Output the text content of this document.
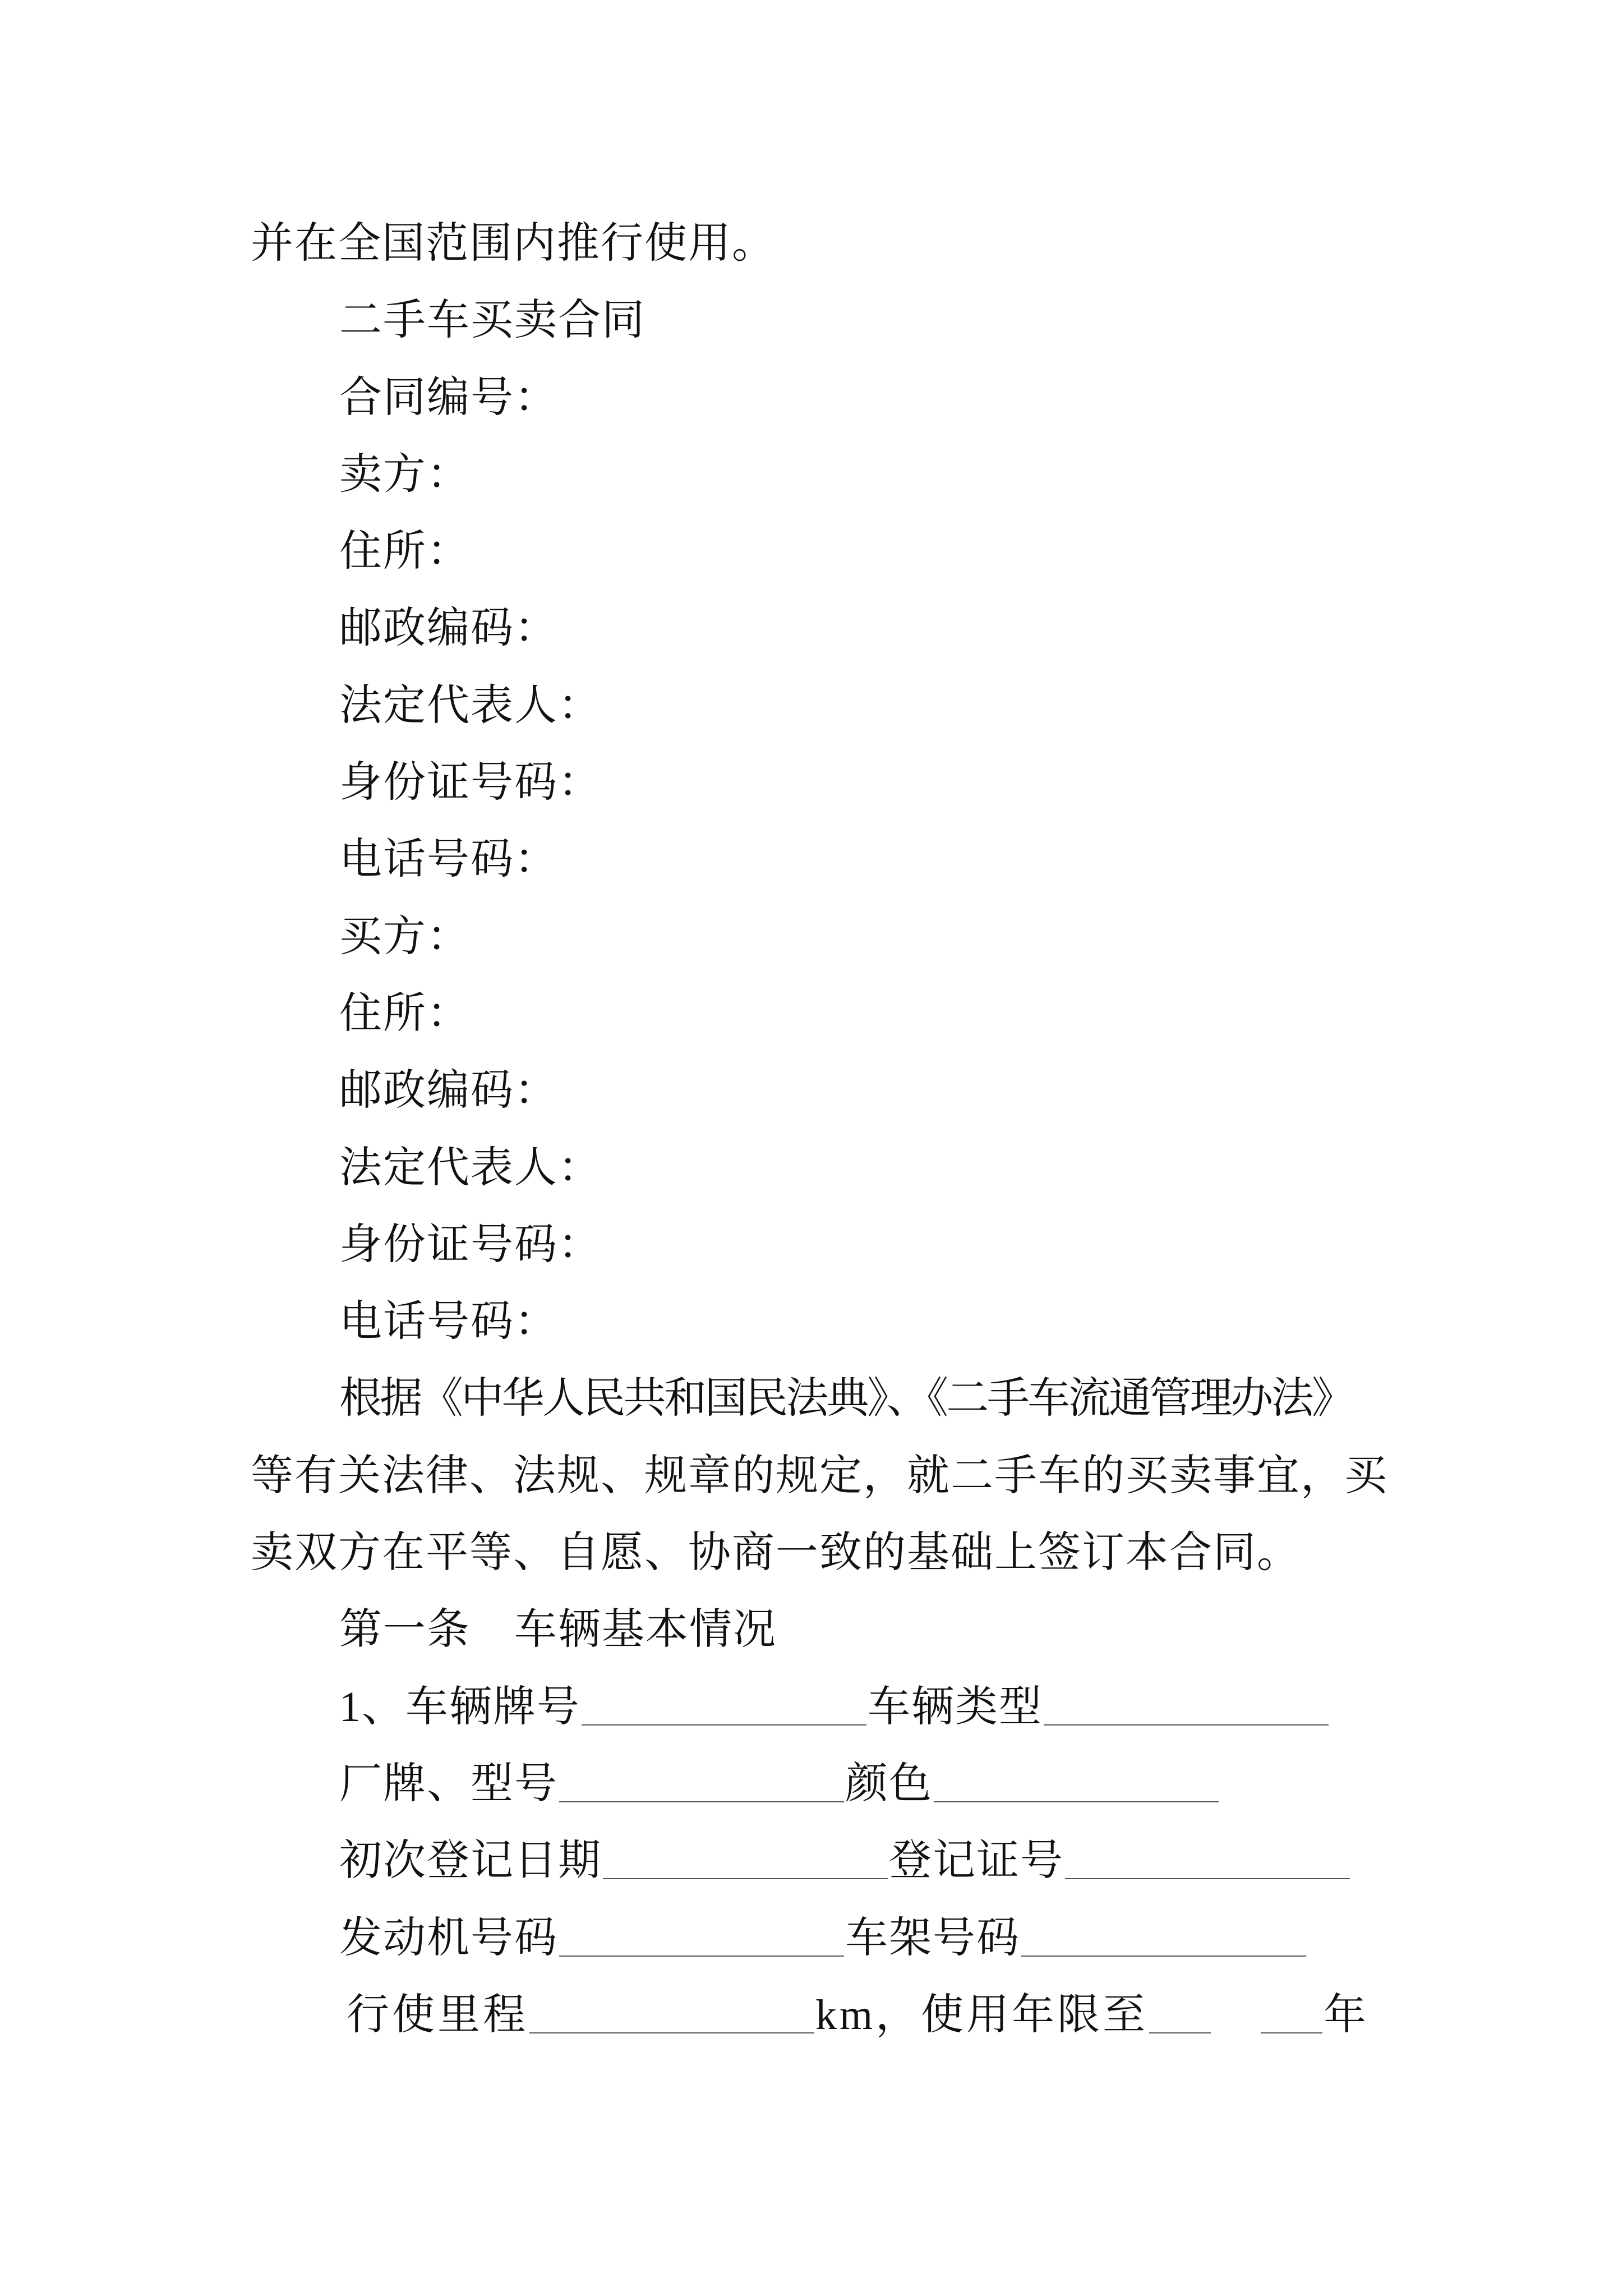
并在全国范围内推行使用。
二手车买卖合同
合同编号：
卖方：
住所：
邮政编码：
法定代表人：
身份证号码：
电话号码：
买方：
住所：
邮政编码：
法定代表人：
身份证号码：
电话号码：
根据《中华人民共和国民法典》、《二手车流通管理办法》
等有关法律、法规、规章的规定，就二手车的买卖事宜，买
卖双方在平等、自愿、协商一致的基础上签订本合同。
第一条　车辆基本情况
1、车辆牌号	车辆类型
厂牌、型号	颜色
初次登记日期	登记证号
发动机号码	车架号码
行使里程	km，使用年限至	年
